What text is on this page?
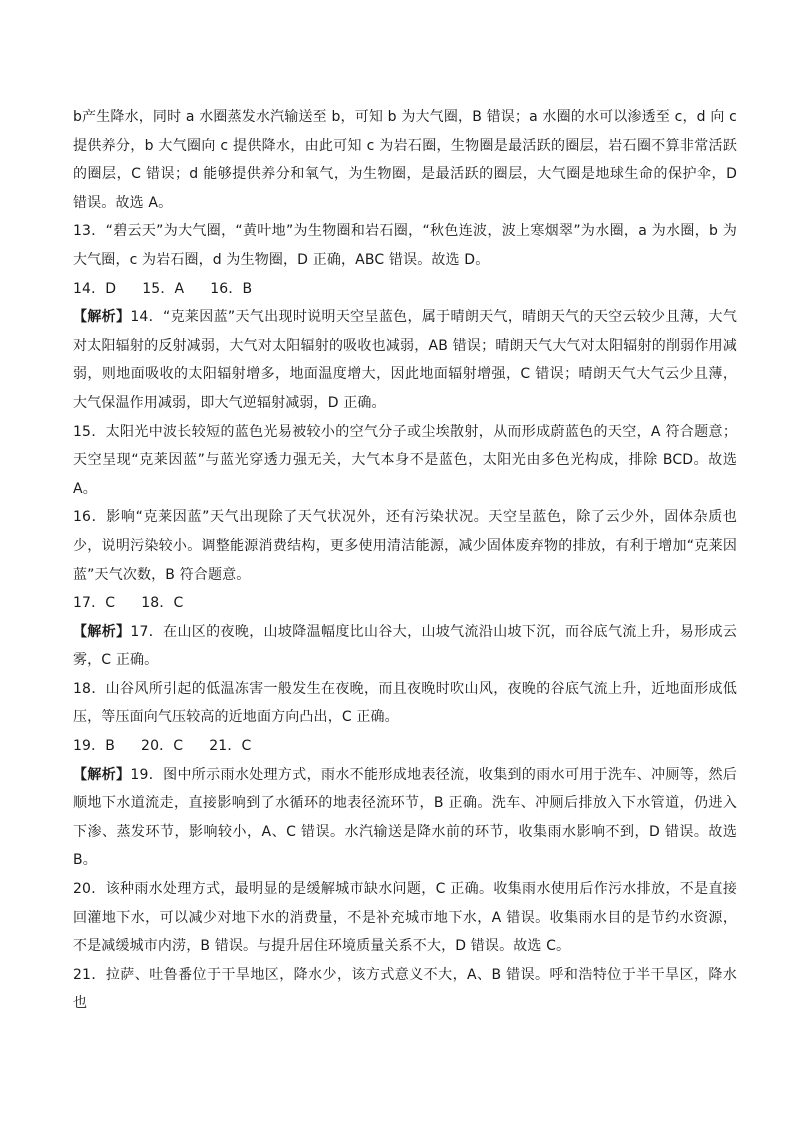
b产生降水，同时 a 水圈蒸发水汽输送至 b，可知 b 为大气圈，B 错误；a 水圈的水可以渗透至 c，d 向 c 提供养分，b 大气圈向 c 提供降水，由此可知 c 为岩石圈，生物圈是最活跃的圈层，岩石圈不算非常活跃的圈层，C 错误；d 能够提供养分和氧气，为生物圈，是最活跃的圈层，大气圈是地球生命的保护伞，D 错误。故选 A。

13．“碧云天”为大气圈，“黄叶地”为生物圈和岩石圈，“秋色连波，波上寒烟翠”为水圈，a 为水圈，b 为大气圈，c 为岩石圈，d 为生物圈，D 正确，ABC 错误。故选 D。

14．D 15．A 16．B

【解析】14．“克莱因蓝”天气出现时说明天空呈蓝色，属于晴朗天气，晴朗天气的天空云较少且薄，大气对太阳辐射的反射减弱，大气对太阳辐射的吸收也减弱，AB 错误；晴朗天气大气对太阳辐射的削弱作用减弱，则地面吸收的太阳辐射增多，地面温度增大，因此地面辐射增强，C 错误；晴朗天气大气云少且薄，大气保温作用减弱，即大气逆辐射减弱，D 正确。

15．太阳光中波长较短的蓝色光易被较小的空气分子或尘埃散射，从而形成蔚蓝色的天空，A 符合题意；天空呈现“克莱因蓝”与蓝光穿透力强无关，大气本身不是蓝色，太阳光由多色光构成，排除 BCD。故选 A。

16．影响“克莱因蓝”天气出现除了天气状况外，还有污染状况。天空呈蓝色，除了云少外，固体杂质也少，说明污染较小。调整能源消费结构，更多使用清洁能源，减少固体废弃物的排放，有利于增加“克莱因蓝”天气次数，B 符合题意。

17．C 18．C

【解析】17．在山区的夜晚，山坡降温幅度比山谷大，山坡气流沿山坡下沉，而谷底气流上升，易形成云雾，C 正确。

18．山谷风所引起的低温冻害一般发生在夜晚，而且夜晚时吹山风，夜晚的谷底气流上升，近地面形成低压，等压面向气压较高的近地面方向凸出，C 正确。

19．B 20．C 21．C

【解析】19．图中所示雨水处理方式，雨水不能形成地表径流，收集到的雨水可用于洗车、冲厕等，然后顺地下水道流走，直接影响到了水循环的地表径流环节，B 正确。洗车、冲厕后排放入下水管道，仍进入下渗、蒸发环节，影响较小，A、C 错误。水汽输送是降水前的环节，收集雨水影响不到，D 错误。故选 B。

20．该种雨水处理方式，最明显的是缓解城市缺水问题，C 正确。收集雨水使用后作污水排放，不是直接回灌地下水，可以减少对地下水的消费量，不是补充城市地下水，A 错误。收集雨水目的是节约水资源，不是减缓城市内涝，B 错误。与提升居住环境质量关系不大，D 错误。故选 C。

21．拉萨、吐鲁番位于干旱地区，降水少，该方式意义不大，A、B 错误。呼和浩特位于半干旱区，降水也
